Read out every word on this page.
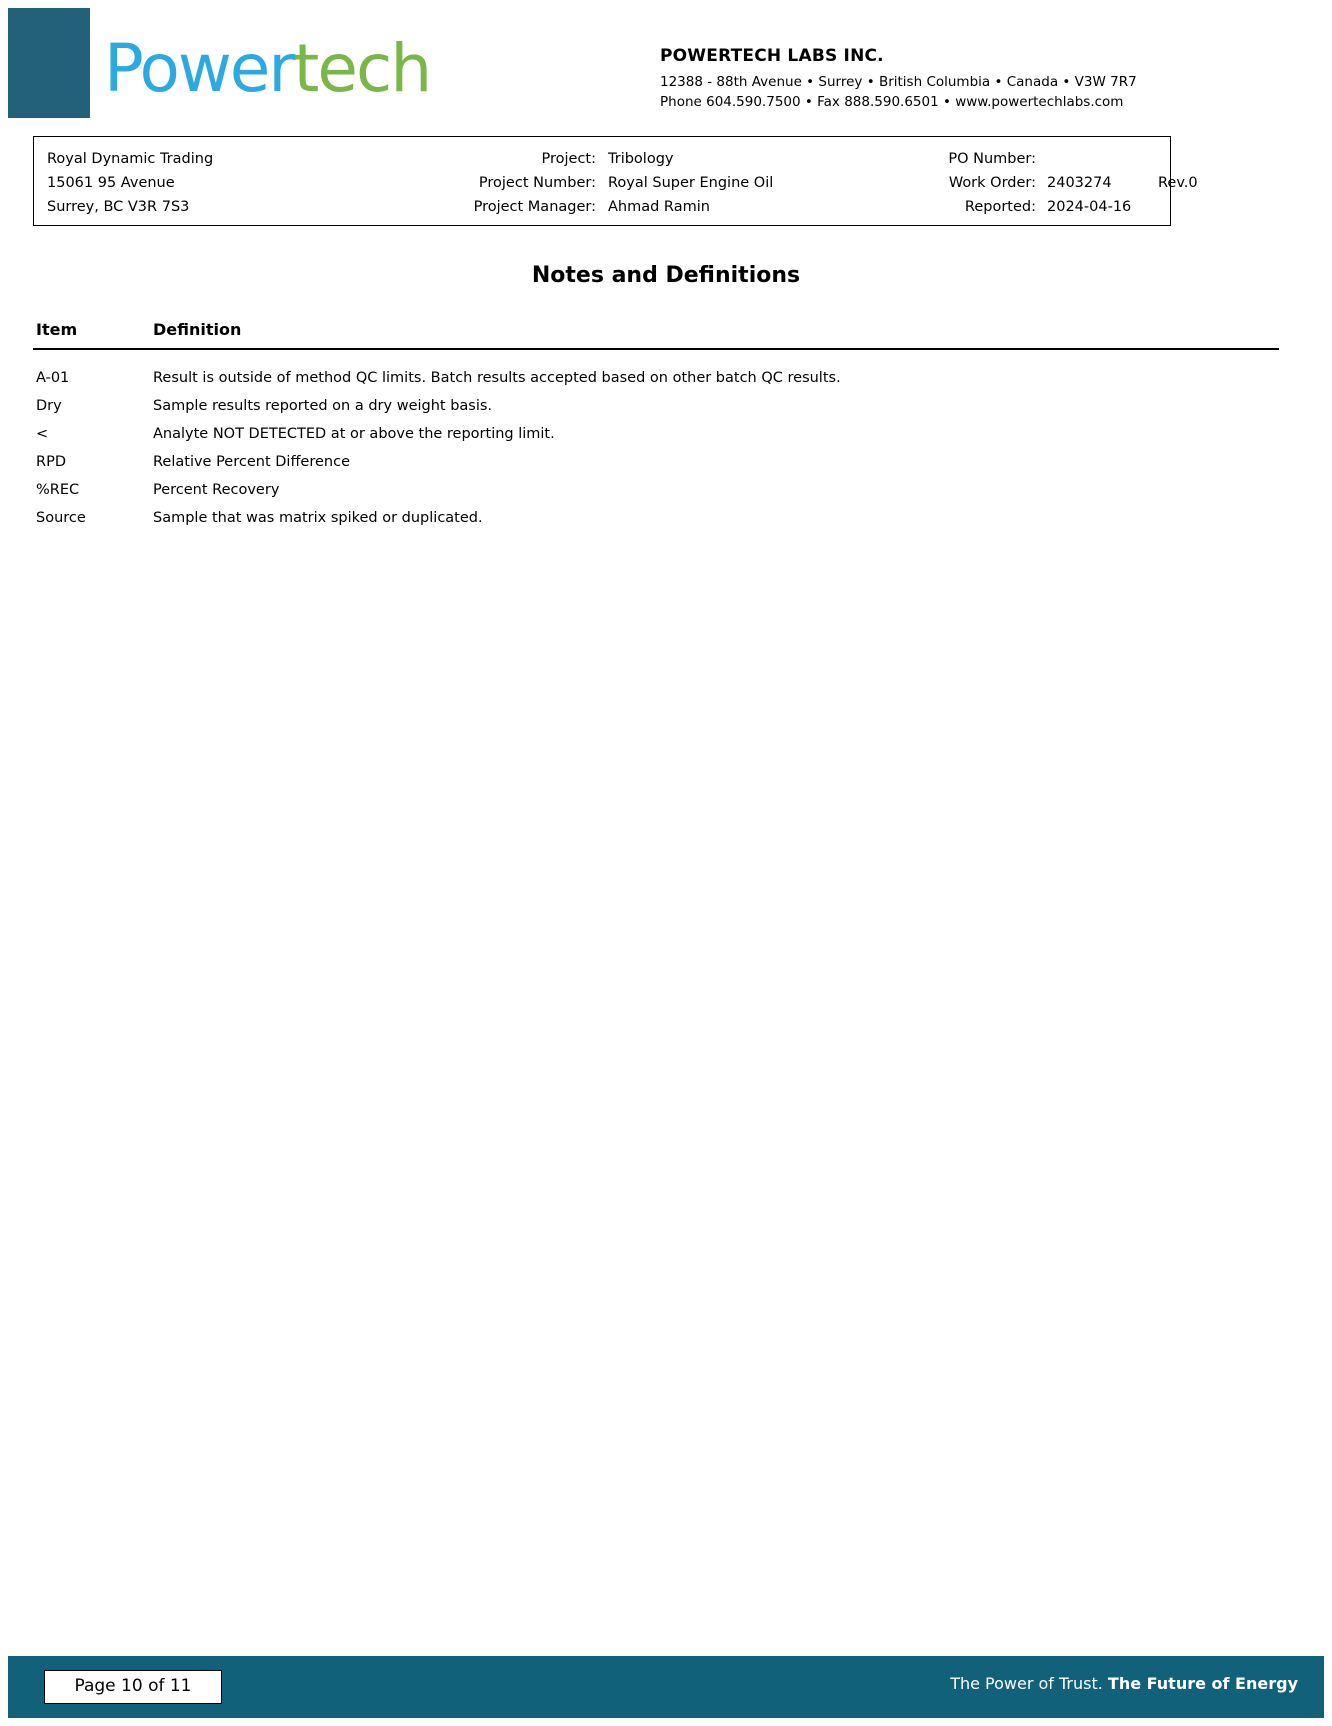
Powertech	POWERTECH LABS INC.
12388 - 88th Avenue • Surrey • British Columbia • Canada • V3W 7R7
Phone 604.590.7500 • Fax 888.590.6501 • www.powertechlabs.com
Royal Dynamic Trading	Project: Tribology	PO Number:
15061 95 Avenue	Project Number: Royal Super Engine Oil	Work Order: 2403274	Rev.0
Surrey, BC V3R 7S3	Project Manager: Ahmad Ramin	Reported: 2024-04-16
Notes and Definitions
Item	Definition
A-01	Result is outside of method QC limits. Batch results accepted based on other batch QC results.
Dry	Sample results reported on a dry weight basis.
<	Analyte NOT DETECTED at or above the reporting limit.
RPD	Relative Percent Difference
%REC	Percent Recovery
Source	Sample that was matrix spiked or duplicated.
Page 10 of 11	The Power of Trust. The Future of Energy
